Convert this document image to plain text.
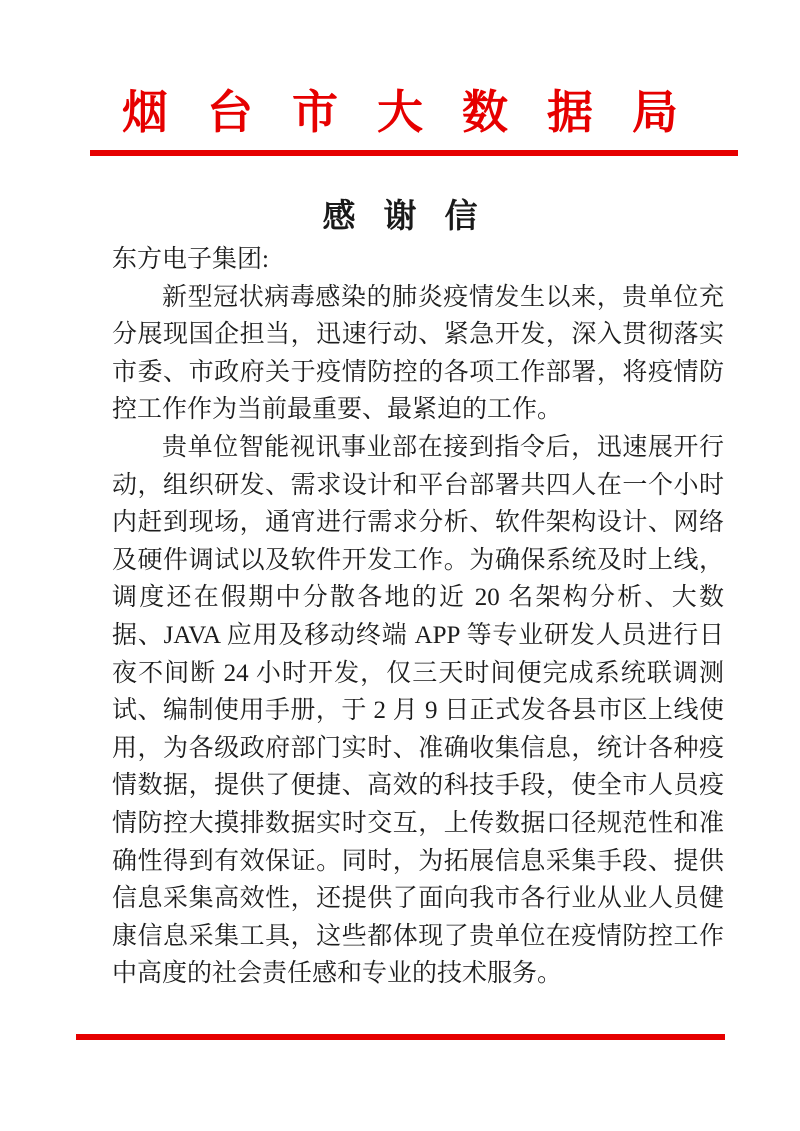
烟台市大数据局
感谢信

东方电子集团:

新型冠状病毒感染的肺炎疫情发生以来，贵单位充分展现国企担当，迅速行动、紧急开发，深入贯彻落实市委、市政府关于疫情防控的各项工作部署，将疫情防控工作作为当前最重要、最紧迫的工作。

贵单位智能视讯事业部在接到指令后，迅速展开行动，组织研发、需求设计和平台部署共四人在一个小时内赶到现场，通宵进行需求分析、软件架构设计、网络及硬件调试以及软件开发工作。为确保系统及时上线，调度还在假期中分散各地的近 20 名架构分析、大数据、JAVA 应用及移动终端 APP 等专业研发人员进行日夜不间断 24 小时开发，仅三天时间便完成系统联调测试、编制使用手册，于 2 月 9 日正式发各县市区上线使用，为各级政府部门实时、准确收集信息，统计各种疫情数据，提供了便捷、高效的科技手段，使全市人员疫情防控大摸排数据实时交互，上传数据口径规范性和准确性得到有效保证。同时，为拓展信息采集手段、提供信息采集高效性，还提供了面向我市各行业从业人员健康信息采集工具，这些都体现了贵单位在疫情防控工作中高度的社会责任感和专业的技术服务。
